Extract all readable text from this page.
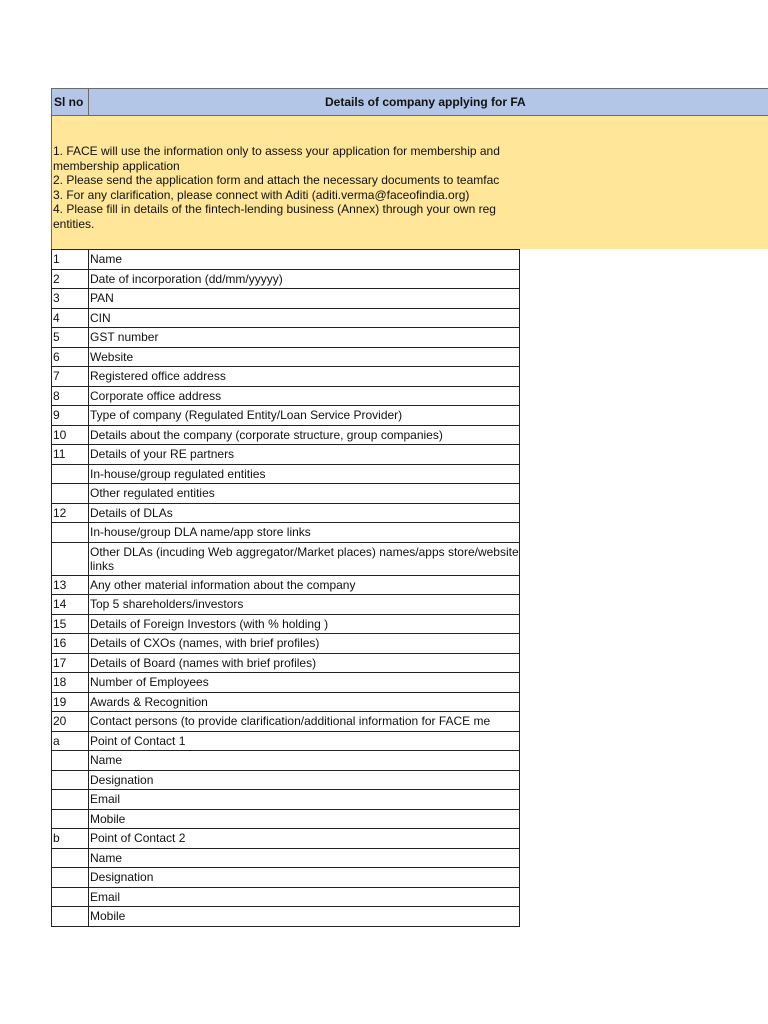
Sl no	Details of company applying for FA
1. FACE will use the information only to assess your application for membership and
membership application
2. Please send the application form and attach the necessary documents to teamfac
3. For any clarification, please connect with Aditi (aditi.verma@faceofindia.org)
4. Please fill in details of the fintech-lending business (Annex) through your own reg
entities.
1	Name
2	Date of incorporation (dd/mm/yyyyy)
3	PAN
4	CIN
5	GST number
6	Website
7	Registered office address
8	Corporate office address
9	Type of company (Regulated Entity/Loan Service Provider)
10	Details about the company (corporate structure, group companies)
11	Details of your RE partners
In-house/group regulated entities
Other regulated entities
12	Details of DLAs
In-house/group DLA name/app store links
Other DLAs (incuding Web aggregator/Market places) names/apps store/website links
13	Any other material information about the company
14	Top 5 shareholders/investors
15	Details of Foreign Investors (with % holding )
16	Details of CXOs (names, with brief profiles)
17	Details of Board (names with brief profiles)
18	Number of Employees
19	Awards & Recognition
20	Contact persons (to provide clarification/additional information for FACE me
a	Point of Contact 1
Name
Designation
Email
Mobile
b	Point of Contact 2
Name
Designation
Email
Mobile
